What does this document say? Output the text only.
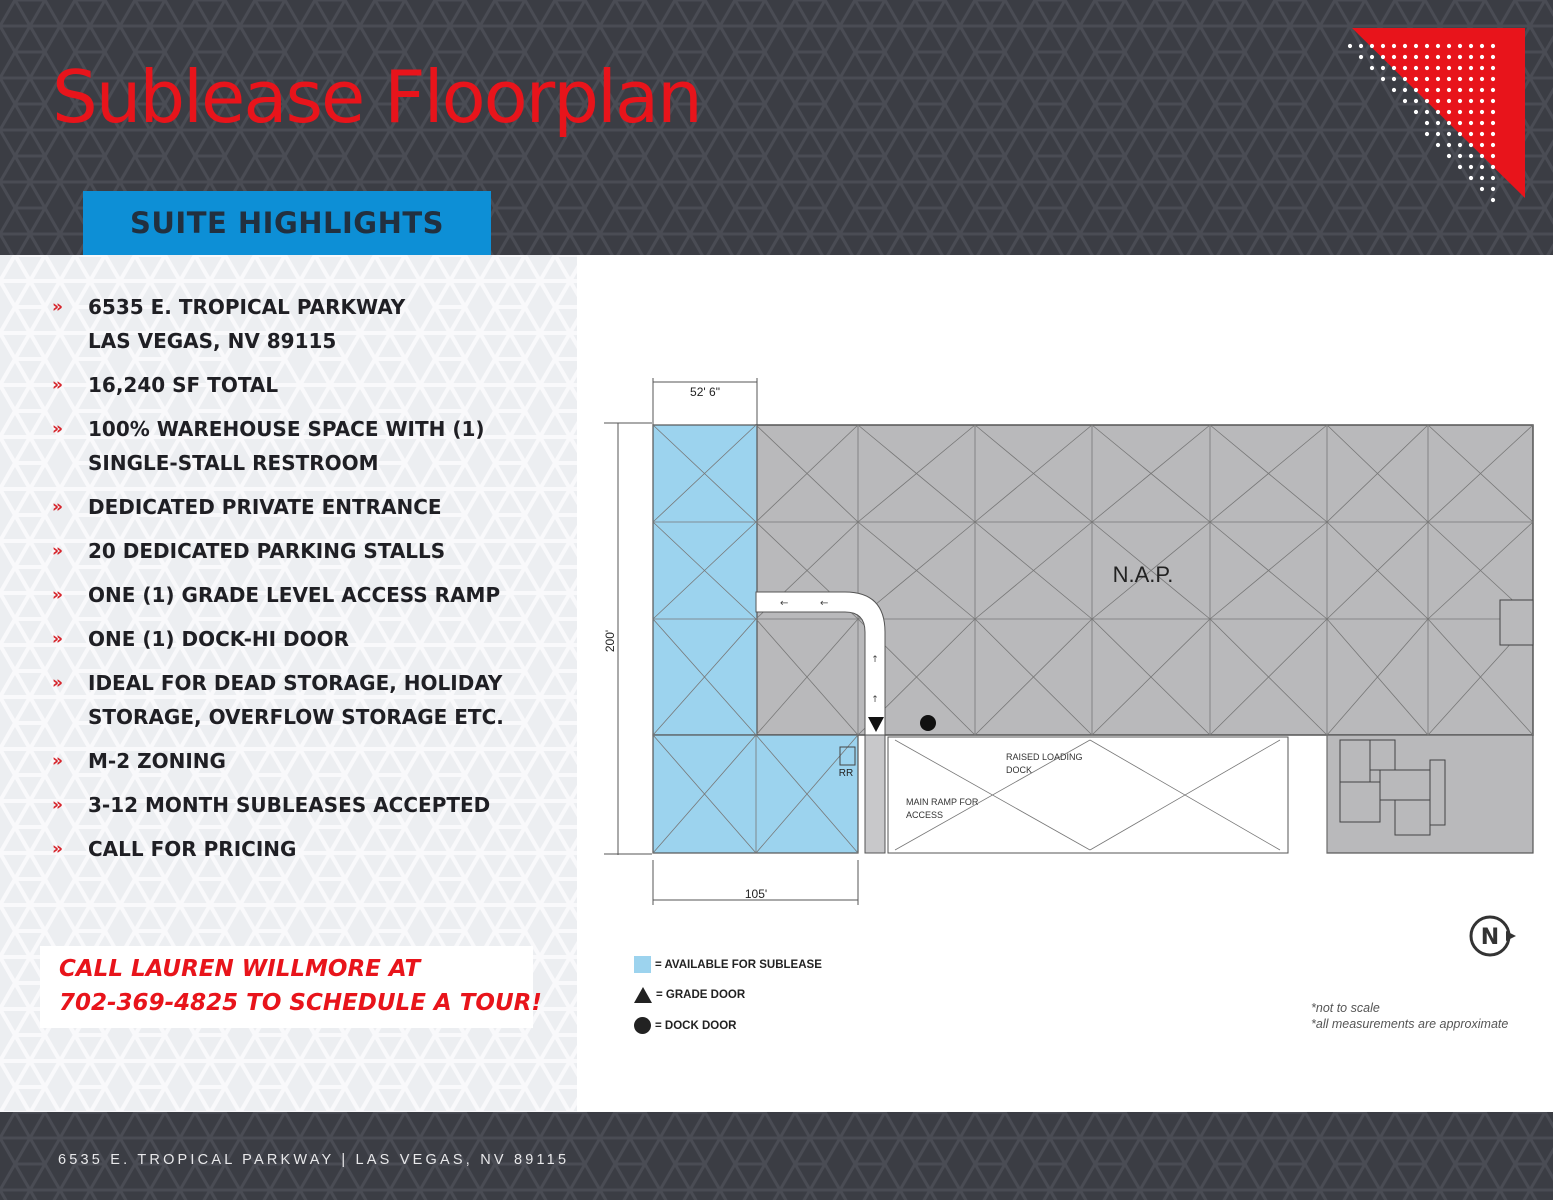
Sublease Floorplan
SUITE HIGHLIGHTS
» 6535 E. TROPICAL PARKWAY
LAS VEGAS, NV 89115
» 16,240 SF TOTAL
» 100% WAREHOUSE SPACE WITH (1)
SINGLE-STALL RESTROOM
» DEDICATED PRIVATE ENTRANCE
» 20 DEDICATED PARKING STALLS
» ONE (1) GRADE LEVEL ACCESS RAMP
» ONE (1) DOCK-HI DOOR
» IDEAL FOR DEAD STORAGE, HOLIDAY
STORAGE, OVERFLOW STORAGE ETC.
» M-2 ZONING
» 3-12 MONTH SUBLEASES ACCEPTED
» CALL FOR PRICING
CALL LAUREN WILLMORE AT
702-369-4825 TO SCHEDULE A TOUR!
52' 6"
200'
105'
←	←
↑
↑
RR
N.A.P.
RAISED LOADING
DOCK
MAIN RAMP FOR
ACCESS
= AVAILABLE FOR SUBLEASE
= GRADE DOOR
= DOCK DOOR
*not to scale
*all measurements are approximate
N
6535 E. TROPICAL PARKWAY | LAS VEGAS, NV 89115
